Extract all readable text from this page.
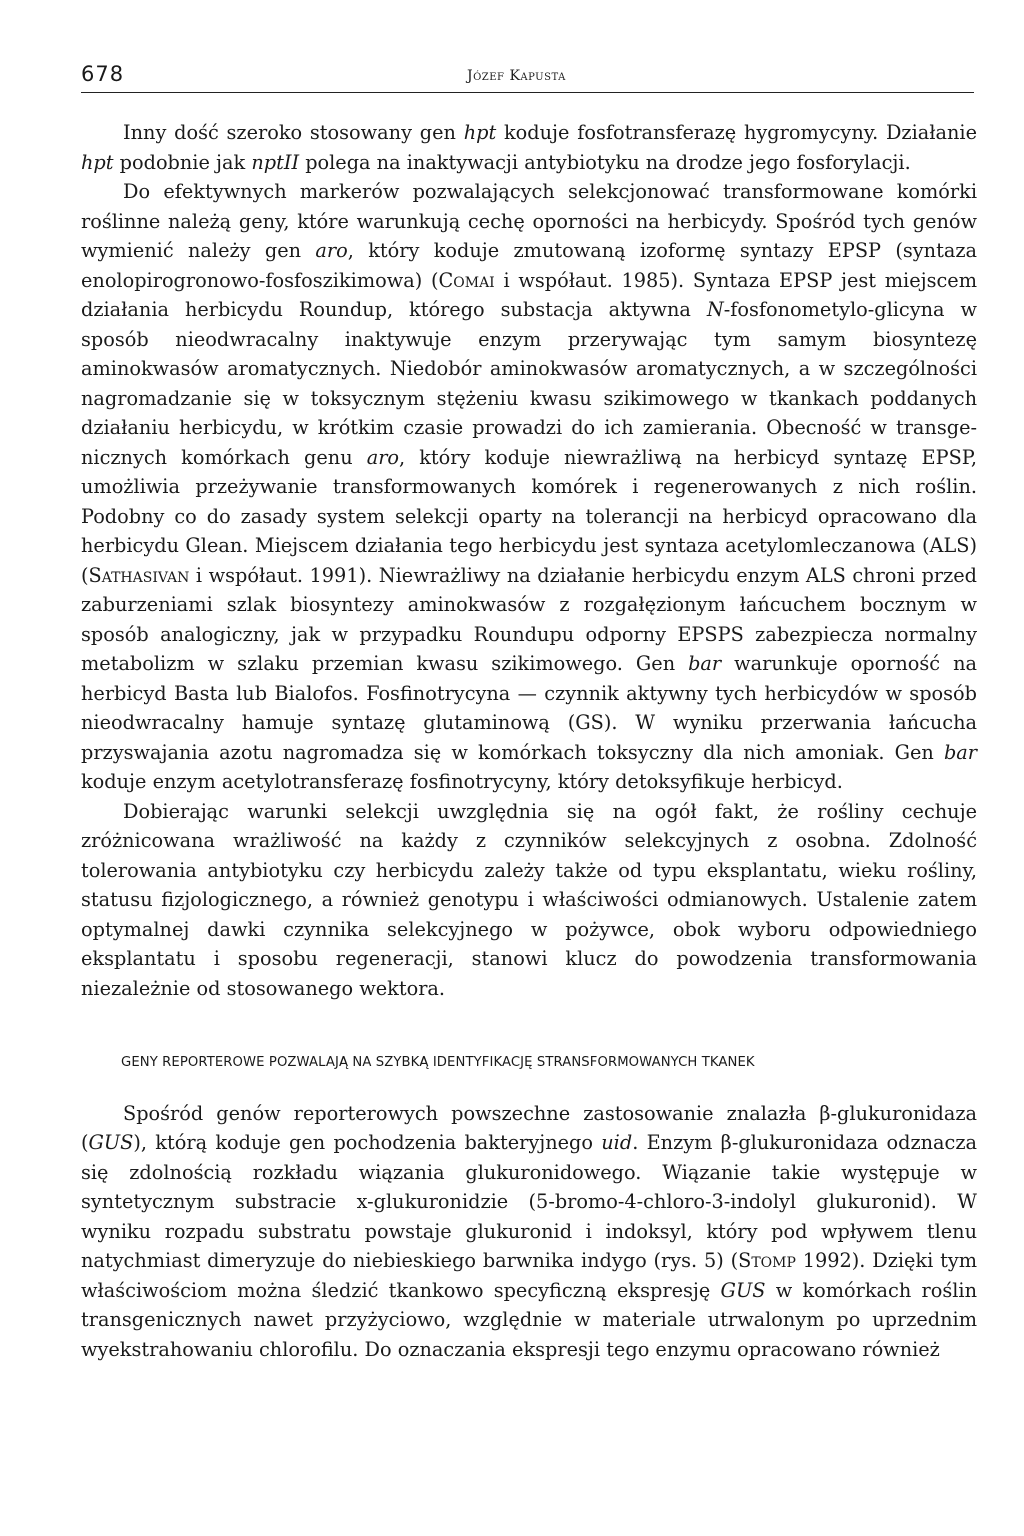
678	Józef Kapusta

Inny dość szeroko stosowany gen hpt koduje fosfotransferazę hygromycyny. Działanie hpt podobnie jak nptII polega na inaktywacji antybiotyku na drodze jego fosforylacji.

Do efektywnych markerów pozwalających selekcjonować transformowane komórki roślinne należą geny, które warunkują cechę oporności na herbicydy. Spośród tych genów wymienić należy gen aro, który koduje zmutowaną izoformę syntazy EPSP (syntaza enolopirogronowo-fosfoszikimowa) (Comai i współaut. 1985). Syntaza EPSP jest miejscem działania herbicydu Roundup, którego substacja aktywna N-fosfonometylo-glicyna w sposób nieodwracalny inaktywuje enzym przerywając tym samym biosyntezę aminokwasów aromatycznych. Niedobór aminokwasów aromatycznych, a w szczególności nagromadzanie się w toksycznym stężeniu kwasu szikimowego w tkankach poddanych działaniu herbicydu, w krótkim czasie prowadzi do ich zamierania. Obecność w transgenicznych komórkach genu aro, który koduje niewrażliwą na herbicyd syntazę EPSP, umożliwia przeżywanie transformowanych komórek i regenerowanych z nich roślin. Podobny co do zasady system selekcji oparty na tolerancji na herbicyd opracowano dla herbicydu Glean. Miejscem działania tego herbicydu jest syntaza acetylomleczanowa (ALS) (Sathasivan i współaut. 1991). Niewrażliwy na działanie herbicydu enzym ALS chroni przed zaburzeniami szlak biosyntezy aminokwasów z rozgałęzionym łańcuchem bocznym w sposób analogiczny, jak w przypadku Roundupu odporny EPSPS zabezpiecza normalny metabolizm w szlaku przemian kwasu szikimowego. Gen bar warunkuje oporność na herbicyd Basta lub Bialofos. Fosfinotrycyna — czynnik aktywny tych herbicydów w sposób nieodwracalny hamuje syntazę glutaminową (GS). W wyniku przerwania łańcucha przyswajania azotu nagromadza się w komórkach toksyczny dla nich amoniak. Gen bar koduje enzym acetylotransferazę fosfinotrycyny, który detoksyfikuje herbicyd.

Dobierając warunki selekcji uwzględnia się na ogół fakt, że rośliny cechuje zróżnicowana wrażliwość na każdy z czynników selekcyjnych z osobna. Zdolność tolerowania antybiotyku czy herbicydu zależy także od typu eksplantatu, wieku rośliny, statusu fizjologicznego, a również genotypu i właściwości odmianowych. Ustalenie zatem optymalnej dawki czynnika selekcyjnego w pożywce, obok wyboru odpowiedniego eksplantatu i sposobu regeneracji, stanowi klucz do powodzenia transformowania niezależnie od stosowanego wektora.

GENY REPORTEROWE POZWALAJĄ NA SZYBKĄ IDENTYFIKACJĘ STRANSFORMOWANYCH TKANEK

Spośród genów reporterowych powszechne zastosowanie znalazła β-glukuronidaza (GUS), którą koduje gen pochodzenia bakteryjnego uid. Enzym β-glukuronidaza odznacza się zdolnością rozkładu wiązania glukuronidowego. Wiązanie takie występuje w syntetycznym substracie x-glukuronidzie (5-bromo-4-chloro-3-indolyl glukuronid). W wyniku rozpadu substratu powstaje glukuronid i indoksyl, który pod wpływem tlenu natychmiast dimeryzuje do niebieskiego barwnika indygo (rys. 5) (Stomp 1992). Dzięki tym właściwościom można śledzić tkankowo specyficzną ekspresję GUS w komórkach roślin transgenicznych nawet przyżyciowo, względnie w materiale utrwalonym po uprzednim wyekstrahowaniu chlorofilu. Do oznaczania ekspresji tego enzymu opracowano również
